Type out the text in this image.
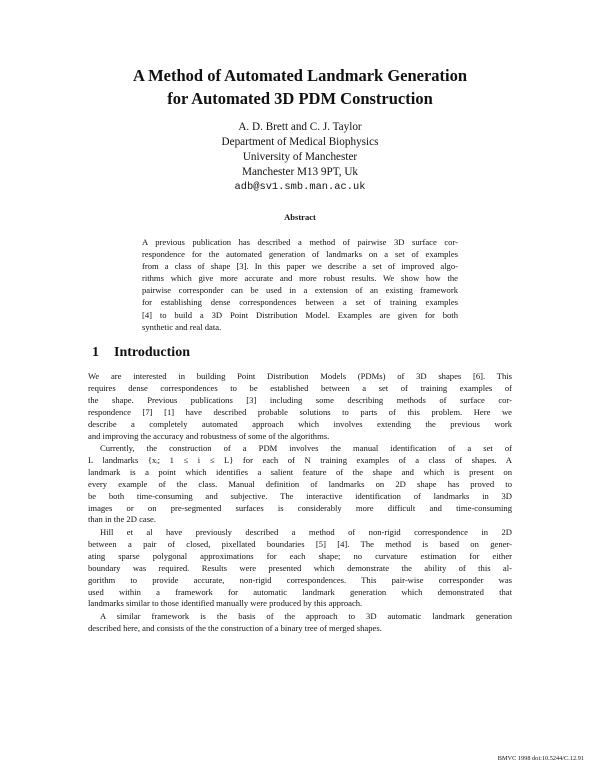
A Method of Automated Landmark Generation
for Automated 3D PDM Construction
A. D. Brett and C. J. Taylor
Department of Medical Biophysics
University of Manchester
Manchester M13 9PT, Uk
adb@sv1.smb.man.ac.uk
Abstract
A previous publication has described a method of pairwise 3D surface cor-
respondence for the automated generation of landmarks on a set of examples
from a class of shape [3]. In this paper we describe a set of improved algo-
rithms which give more accurate and more robust results. We show how the
pairwise corresponder can be used in a extension of an existing framework
for establishing dense correspondences between a set of training examples
[4] to build a 3D Point Distribution Model. Examples are given for both
synthetic and real data.
1 Introduction
We are interested in building Point Distribution Models (PDMs) of 3D shapes [6]. This
requires dense correspondences to be established between a set of training examples of
the shape. Previous publications [3] including some describing methods of surface cor-
respondence [7] [1] have described probable solutions to parts of this problem. Here we
describe a completely automated approach which involves extending the previous work
and improving the accuracy and robustness of some of the algorithms.
Currently, the construction of a PDM involves the manual identification of a set of
L landmarks {xᵢ; 1 ≤ i ≤ L} for each of N training examples of a class of shapes. A
landmark is a point which identifies a salient feature of the shape and which is present on
every example of the class. Manual definition of landmarks on 2D shape has proved to
be both time-consuming and subjective. The interactive identification of landmarks in 3D
images or on pre-segmented surfaces is considerably more difficult and time-consuming
than in the 2D case.
Hill et al have previously described a method of non-rigid correspondence in 2D
between a pair of closed, pixellated boundaries [5] [4]. The method is based on gener-
ating sparse polygonal approximations for each shape; no curvature estimation for either
boundary was required. Results were presented which demonstrate the ability of this al-
gorithm to provide accurate, non-rigid correspondences. This pair-wise corresponder was
used within a framework for automatic landmark generation which demonstrated that
landmarks similar to those identified manually were produced by this approach.
A similar framework is the basis of the approach to 3D automatic landmark generation
described here, and consists of the the construction of a binary tree of merged shapes.

BMVC 1998 doi:10.5244/C.12.91
